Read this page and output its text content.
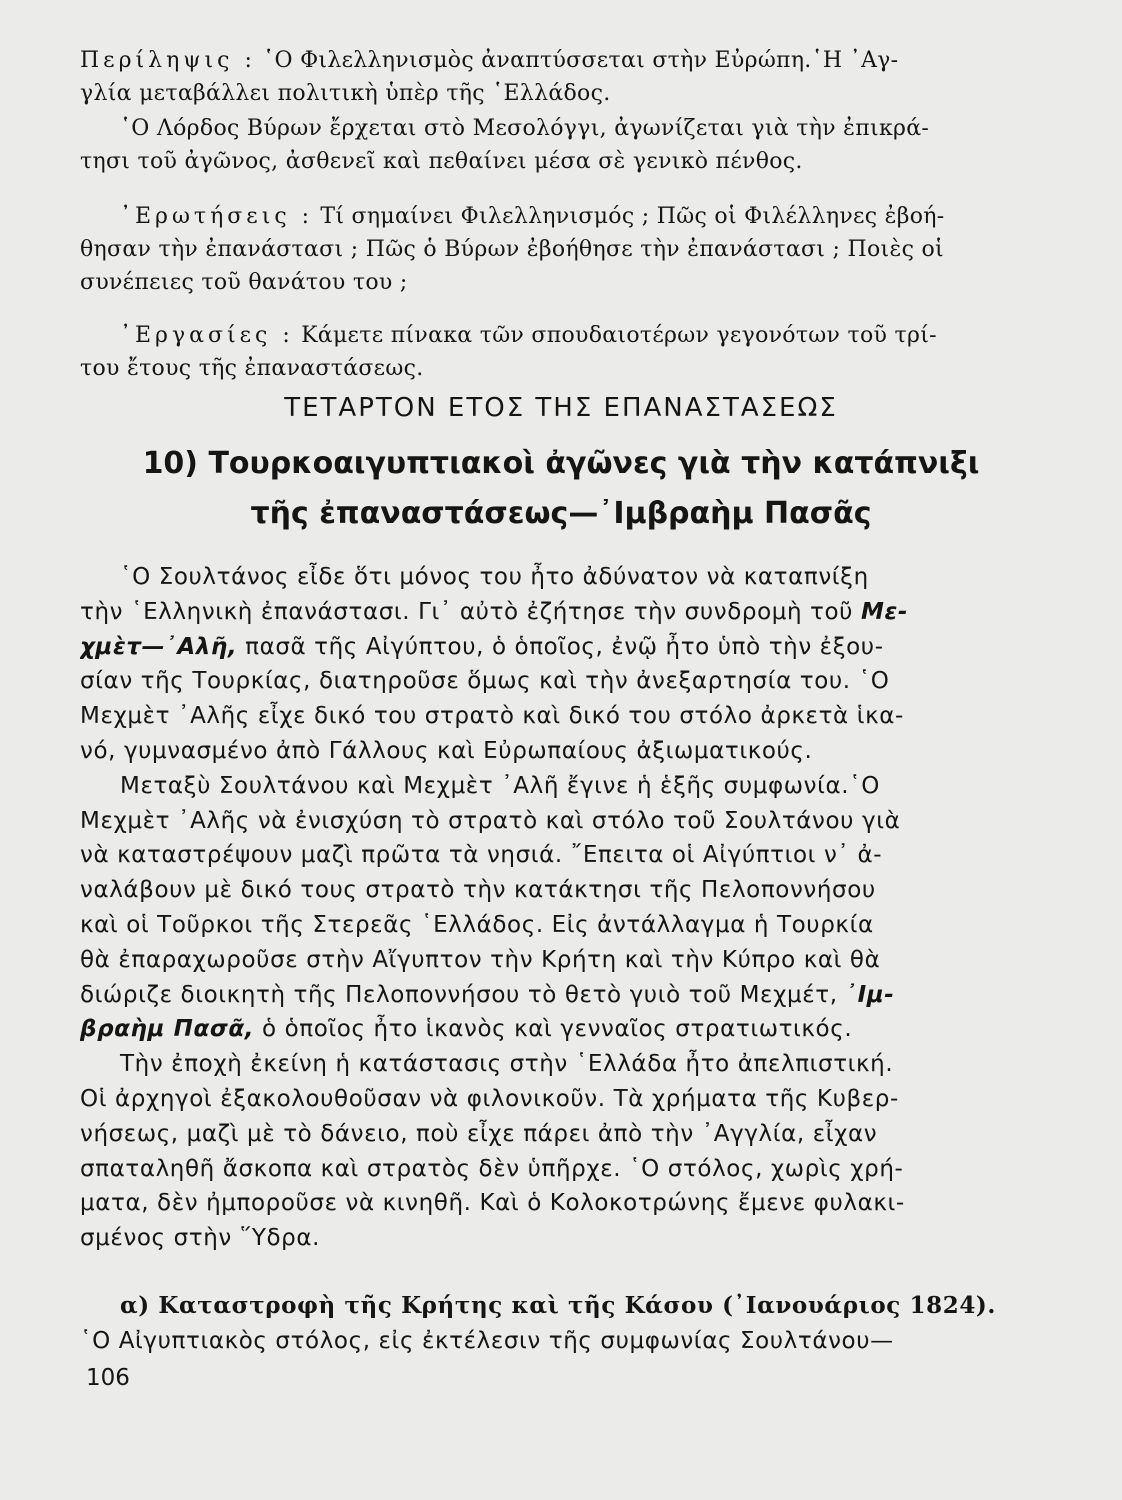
Περίληψις : ῾Ο Φιλελληνισμὸς ἀναπτύσσεται στὴν Εὐρώπη.῾Η ᾿Αγ-
γλία μεταβάλλει πολιτικὴ ὑπὲρ τῆς ῾Ελλάδος.
῾Ο Λόρδος Βύρων ἔρχεται στὸ Μεσολόγγι, ἀγωνίζεται γιὰ τὴν ἐπικρά-
τησι τοῦ ἀγῶνος, ἀσθενεῖ καὶ πεθαίνει μέσα σὲ γενικὸ πένθος.
᾿Ερωτήσεις : Τί σημαίνει Φιλελληνισμός ; Πῶς οἱ Φιλέλληνες ἐβοή-
θησαν τὴν ἐπανάστασι ; Πῶς ὁ Βύρων ἐβοήθησε τὴν ἐπανάστασι ; Ποιὲς οἱ
συνέπειες τοῦ θανάτου του ;
᾿Εργασίες : Κάμετε πίνακα τῶν σπουδαιοτέρων γεγονότων τοῦ τρί-
του ἔτους τῆς ἐπαναστάσεως.
ΤΕΤΑΡΤΟΝ ΕΤΟΣ ΤΗΣ ΕΠΑΝΑΣΤΑΣΕΩΣ
10) Τουρκοαιγυπτιακοὶ ἀγῶνες γιὰ τὴν κατάπνιξι
τῆς ἐπαναστάσεως—᾿Ιμβραὴμ Πασᾶς
῾Ο Σουλτάνος εἶδε ὅτι μόνος του ἦτο ἀδύνατον νὰ καταπνίξη
τὴν ῾Ελληνικὴ ἐπανάστασι. Γι᾿ αὐτὸ ἐζήτησε τὴν συνδρομὴ τοῦ Με-
χμὲτ—᾿Αλῆ, πασᾶ τῆς Αἰγύπτου, ὁ ὁποῖος, ἐνῷ ἦτο ὑπὸ τὴν ἐξου-
σίαν τῆς Τουρκίας, διατηροῦσε ὅμως καὶ τὴν ἀνεξαρτησία του. ῾Ο
Μεχμὲτ ᾿Αλῆς εἶχε δικό του στρατὸ καὶ δικό του στόλο ἀρκετὰ ἱκα-
νό, γυμνασμένο ἀπὸ Γάλλους καὶ Εὐρωπαίους ἀξιωματικούς.
Μεταξὺ Σουλτάνου καὶ Μεχμὲτ ᾿Αλῆ ἔγινε ἡ ἑξῆς συμφωνία.῾Ο
Μεχμὲτ ᾿Αλῆς νὰ ἐνισχύση τὸ στρατὸ καὶ στόλο τοῦ Σουλτάνου γιὰ
νὰ καταστρέψουν μαζὶ πρῶτα τὰ νησιά. ῎Επειτα οἱ Αἰγύπτιοι ν᾿ ἀ-
ναλάβουν μὲ δικό τους στρατὸ τὴν κατάκτησι τῆς Πελοποννήσου
καὶ οἱ Τοῦρκοι τῆς Στερεᾶς ῾Ελλάδος. Εἰς ἀντάλλαγμα ἡ Τουρκία
θὰ ἐπαραχωροῦσε στὴν Αἴγυπτον τὴν Κρήτη καὶ τὴν Κύπρο καὶ θὰ
διώριζε διοικητὴ τῆς Πελοποννήσου τὸ θετὸ γυιὸ τοῦ Μεχμέτ, ᾿Ιμ-
βραὴμ Πασᾶ, ὁ ὁποῖος ἦτο ἱκανὸς καὶ γενναῖος στρατιωτικός.
Τὴν ἐποχὴ ἐκείνη ἡ κατάστασις στὴν ῾Ελλάδα ἦτο ἀπελπιστική.
Οἱ ἀρχηγοὶ ἐξακολουθοῦσαν νὰ φιλονικοῦν. Τὰ χρήματα τῆς Κυβερ-
νήσεως, μαζὶ μὲ τὸ δάνειο, ποὺ εἶχε πάρει ἀπὸ τὴν ᾿Αγγλία, εἶχαν
σπαταληθῆ ἄσκοπα καὶ στρατὸς δὲν ὑπῆρχε. ῾Ο στόλος, χωρὶς χρή-
ματα, δὲν ἠμποροῦσε νὰ κινηθῆ. Καὶ ὁ Κολοκοτρώνης ἔμενε φυλακι-
σμένος στὴν ῞Υδρα.
α) Καταστροφὴ τῆς Κρήτης καὶ τῆς Κάσου (᾿Ιανουάριος 1824).
῾Ο Αἰγυπτιακὸς στόλος, εἰς ἐκτέλεσιν τῆς συμφωνίας Σουλτάνου—
106
